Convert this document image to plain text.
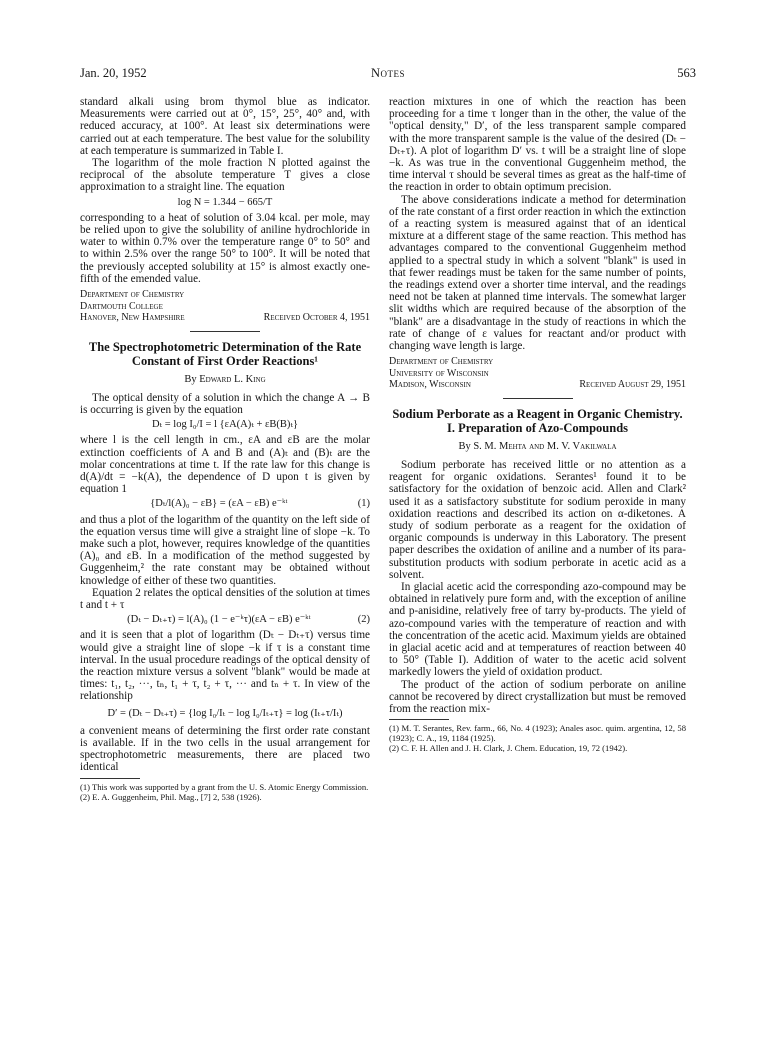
Jan. 20, 1952	Notes	563

standard alkali using brom thymol blue as indicator. Measurements were carried out at 0°, 15°, 25°, 40° and, with reduced accuracy, at 100°. At least six determinations were carried out at each temperature. The best value for the solubility at each temperature is summarized in Table I.

The logarithm of the mole fraction N plotted against the reciprocal of the absolute temperature T gives a close approximation to a straight line. The equation

log N = 1.344 − 665/T

corresponding to a heat of solution of 3.04 kcal. per mole, may be relied upon to give the solubility of aniline hydrochloride in water to within 0.7% over the temperature range 0° to 50° and to within 2.5% over the range 50° to 100°. It will be noted that the previously accepted solubility at 15° is almost exactly one-fifth of the emended value.

Department of Chemistry
Dartmouth College
Hanover, New Hampshire	Received October 4, 1951
The Spectrophotometric Determination of the Rate Constant of First Order Reactions¹
By Edward L. King

The optical density of a solution in which the change A → B is occurring is given by the equation

Dₜ = log I₀/I = l {εA(A)ₜ + εB(B)ₜ}

where l is the cell length in cm., εA and εB are the molar extinction coefficients of A and B and (A)ₜ and (B)ₜ are the molar concentrations at time t. If the rate law for this change is d(A)/dt = −k(A), the dependence of D upon t is given by equation 1

{Dₜ/l(A)₀ − εB} = (εA − εB) e⁻ᵏᵗ	(1)

and thus a plot of the logarithm of the quantity on the left side of the equation versus time will give a straight line of slope −k. To make such a plot, however, requires knowledge of the quantities (A)₀ and εB. In a modification of the method suggested by Guggenheim,² the rate constant may be obtained without knowledge of either of these two quantities.

Equation 2 relates the optical densities of the solution at times t and t + τ

(Dₜ − Dₜ₊τ) = l(A)₀ (1 − e⁻ᵏτ)(εA − εB) e⁻ᵏᵗ	(2)

and it is seen that a plot of logarithm (Dₜ − Dₜ₊τ) versus time would give a straight line of slope −k if τ is a constant time interval. In the usual procedure readings of the optical density of the reaction mixture versus a solvent "blank" would be made at times: t₁, t₂, ···, tₙ, t₁ + τ, t₂ + τ, ··· and tₙ + τ. In view of the relationship

D′ = (Dₜ − Dₜ₊τ) = {log I₀/Iₜ − log I₀/Iₜ₊τ} = log (Iₜ₊τ/Iₜ)

a convenient means of determining the first order rate constant is available. If in the two cells in the usual arrangement for spectrophotometric measurements, there are placed two identical

(1) This work was supported by a grant from the U. S. Atomic Energy Commission.

(2) E. A. Guggenheim, Phil. Mag., [7] 2, 538 (1926).

reaction mixtures in one of which the reaction has been proceeding for a time τ longer than in the other, the value of the "optical density," D′, of the less transparent sample compared with the more transparent sample is the value of the desired (Dₜ − Dₜ₊τ). A plot of logarithm D′ vs. t will be a straight line of slope −k. As was true in the conventional Guggenheim method, the time interval τ should be several times as great as the half-time of the reaction in order to obtain optimum precision.

The above considerations indicate a method for determination of the rate constant of a first order reaction in which the extinction of a reacting system is measured against that of an identical mixture at a different stage of the same reaction. This method has advantages compared to the conventional Guggenheim method applied to a spectral study in which a solvent "blank" is used in that fewer readings must be taken for the same number of points, the readings extend over a shorter time interval, and the readings need not be taken at planned time intervals. The somewhat larger slit widths which are required because of the absorption of the "blank" are a disadvantage in the study of reactions in which the rate of change of ε values for reactant and/or product with changing wave length is large.

Department of Chemistry
University of Wisconsin
Madison, Wisconsin	Received August 29, 1951
Sodium Perborate as a Reagent in Organic Chemistry. I. Preparation of Azo-Compounds
By S. M. Mehta and M. V. Vakilwala

Sodium perborate has received little or no attention as a reagent for organic oxidations. Serantes¹ found it to be satisfactory for the oxidation of benzoic acid. Allen and Clark² used it as a satisfactory substitute for sodium peroxide in many oxidation reactions and described its action on α-diketones. A study of sodium perborate as a reagent for the oxidation of organic compounds is underway in this Laboratory. The present paper describes the oxidation of aniline and a number of its para-substitution products with sodium perborate in acetic acid as a solvent.

In glacial acetic acid the corresponding azo-compound may be obtained in relatively pure form and, with the exception of aniline and p-anisidine, relatively free of tarry by-products. The yield of azo-compound varies with the temperature of reaction and with the concentration of the acetic acid. Maximum yields are obtained in glacial acetic acid and at temperatures of reaction between 40 to 50° (Table I). Addition of water to the acetic acid solvent markedly lowers the yield of oxidation product.

The product of the action of sodium perborate on aniline cannot be recovered by direct crystallization but must be removed from the reaction mix-

(1) M. T. Serantes, Rev. farm., 66, No. 4 (1923); Anales asoc. quim. argentina, 12, 58 (1923); C. A., 19, 1184 (1925).

(2) C. F. H. Allen and J. H. Clark, J. Chem. Education, 19, 72 (1942).
